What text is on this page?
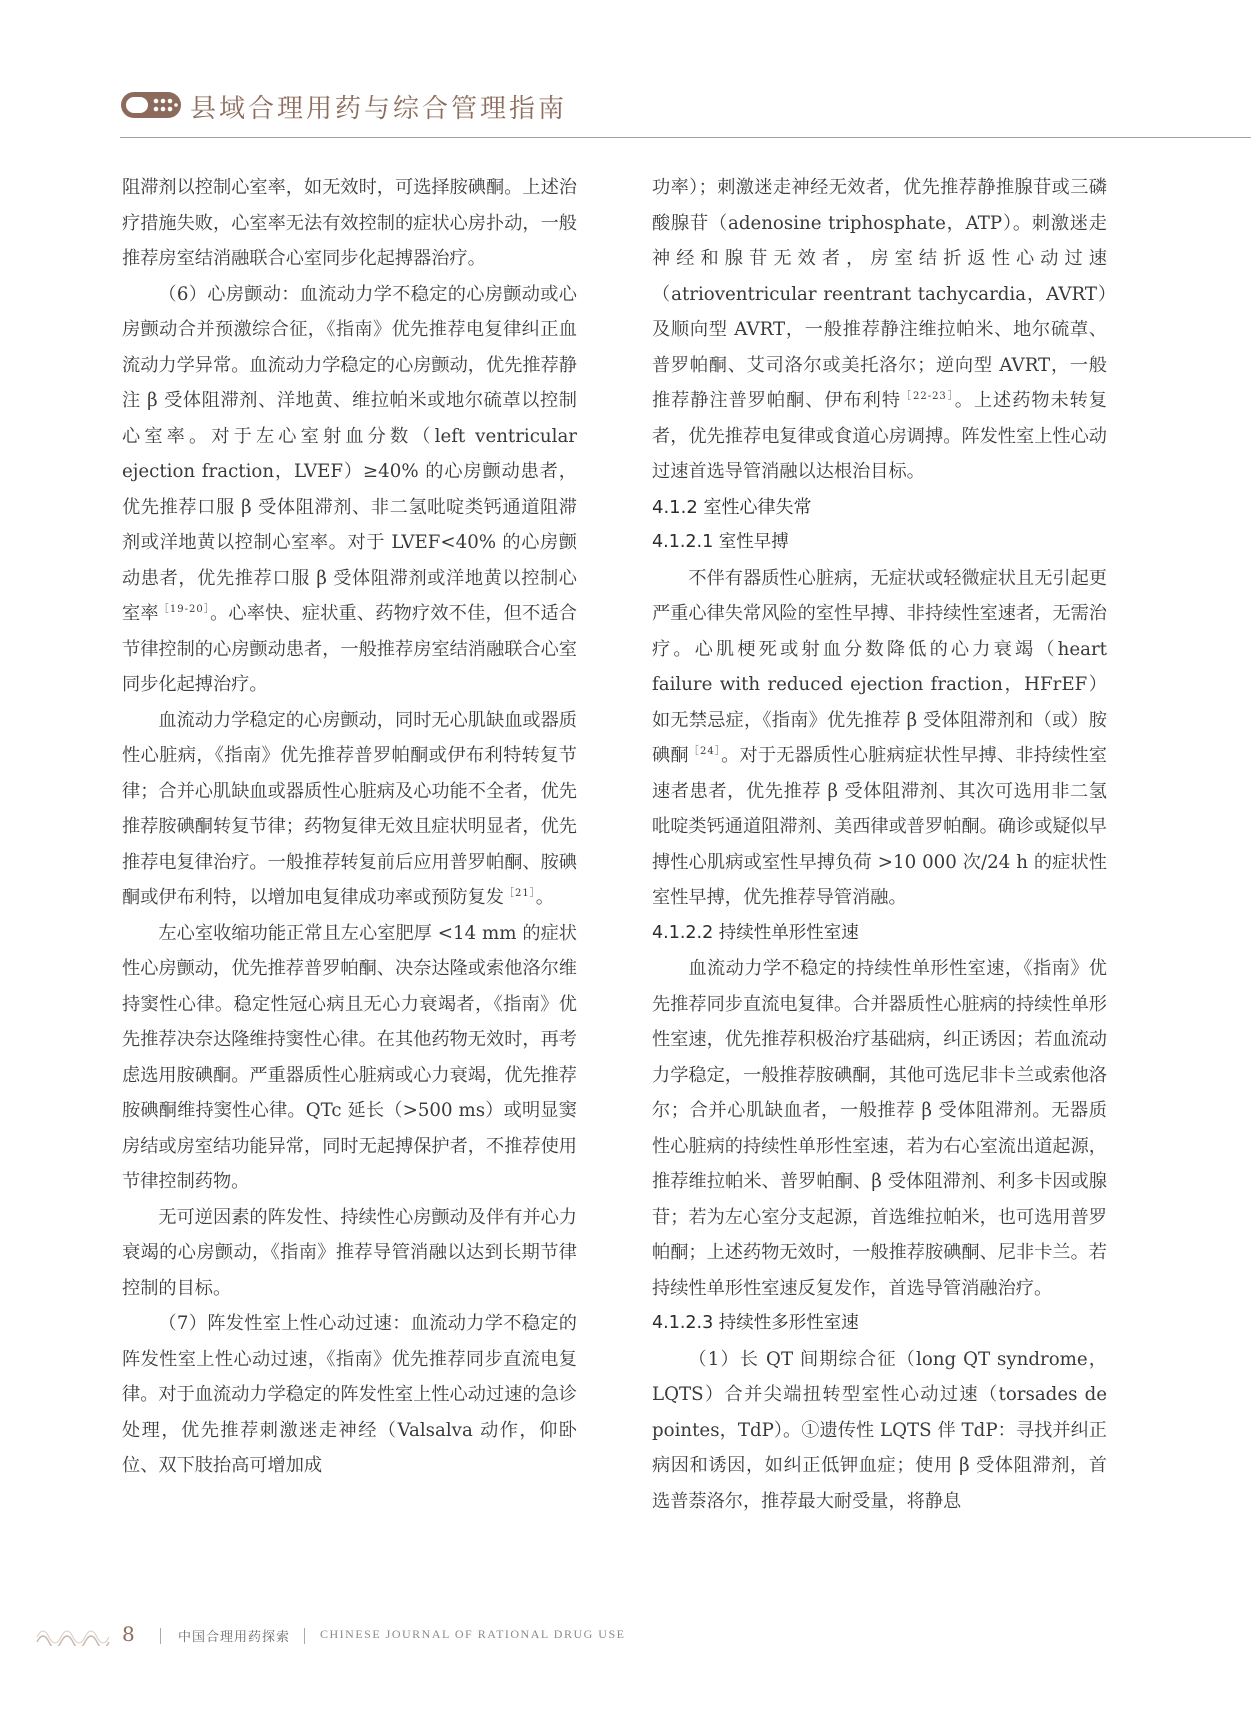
县域合理用药与综合管理指南

阻滞剂以控制心室率，如无效时，可选择胺碘酮。上述治疗措施失败，心室率无法有效控制的症状心房扑动，一般推荐房室结消融联合心室同步化起搏器治疗。

（6）心房颤动：血流动力学不稳定的心房颤动或心房颤动合并预激综合征，《指南》优先推荐电复律纠正血流动力学异常。血流动力学稳定的心房颤动，优先推荐静注 β 受体阻滞剂、洋地黄、维拉帕米或地尔硫䓬以控制心室率。对于左心室射血分数（left ventricular ejection fraction，LVEF）≥40% 的心房颤动患者，优先推荐口服 β 受体阻滞剂、非二氢吡啶类钙通道阻滞剂或洋地黄以控制心室率。对于 LVEF<40% 的心房颤动患者，优先推荐口服 β 受体阻滞剂或洋地黄以控制心室率$^{[19-20]}$。心率快、症状重、药物疗效不佳，但不适合节律控制的心房颤动患者，一般推荐房室结消融联合心室同步化起搏治疗。

血流动力学稳定的心房颤动，同时无心肌缺血或器质性心脏病，《指南》优先推荐普罗帕酮或伊布利特转复节律；合并心肌缺血或器质性心脏病及心功能不全者，优先推荐胺碘酮转复节律；药物复律无效且症状明显者，优先推荐电复律治疗。一般推荐转复前后应用普罗帕酮、胺碘酮或伊布利特，以增加电复律成功率或预防复发$^{[21]}$。

左心室收缩功能正常且左心室肥厚 <14 mm 的症状性心房颤动，优先推荐普罗帕酮、决奈达隆或索他洛尔维持窦性心律。稳定性冠心病且无心力衰竭者，《指南》优先推荐决奈达隆维持窦性心律。在其他药物无效时，再考虑选用胺碘酮。严重器质性心脏病或心力衰竭，优先推荐胺碘酮维持窦性心律。QTc 延长（>500 ms）或明显窦房结或房室结功能异常，同时无起搏保护者，不推荐使用节律控制药物。

无可逆因素的阵发性、持续性心房颤动及伴有并心力衰竭的心房颤动，《指南》推荐导管消融以达到长期节律控制的目标。

（7）阵发性室上性心动过速：血流动力学不稳定的阵发性室上性心动过速，《指南》优先推荐同步直流电复律。对于血流动力学稳定的阵发性室上性心动过速的急诊处理，优先推荐刺激迷走神经（Valsalva 动作，仰卧位、双下肢抬高可增加成

功率）；刺激迷走神经无效者，优先推荐静推腺苷或三磷酸腺苷（adenosine triphosphate，ATP）。刺激迷走神经和腺苷无效者，房室结折返性心动过速（atrioventricular reentrant tachycardia，AVRT）及顺向型 AVRT，一般推荐静注维拉帕米、地尔硫䓬、普罗帕酮、艾司洛尔或美托洛尔；逆向型 AVRT，一般推荐静注普罗帕酮、伊布利特$^{[22-23]}$。上述药物未转复者，优先推荐电复律或食道心房调搏。阵发性室上性心动过速首选导管消融以达根治目标。

4.1.2 室性心律失常
4.1.2.1 室性早搏

不伴有器质性心脏病，无症状或轻微症状且无引起更严重心律失常风险的室性早搏、非持续性室速者，无需治疗。心肌梗死或射血分数降低的心力衰竭（heart failure with reduced ejection fraction，HFrEF）如无禁忌症，《指南》优先推荐 β 受体阻滞剂和（或）胺碘酮$^{[24]}$。对于无器质性心脏病症状性早搏、非持续性室速者患者，优先推荐 β 受体阻滞剂、其次可选用非二氢吡啶类钙通道阻滞剂、美西律或普罗帕酮。确诊或疑似早搏性心肌病或室性早搏负荷 >10 000 次/24 h 的症状性室性早搏，优先推荐导管消融。

4.1.2.2 持续性单形性室速

血流动力学不稳定的持续性单形性室速，《指南》优先推荐同步直流电复律。合并器质性心脏病的持续性单形性室速，优先推荐积极治疗基础病，纠正诱因；若血流动力学稳定，一般推荐胺碘酮，其他可选尼非卡兰或索他洛尔；合并心肌缺血者，一般推荐 β 受体阻滞剂。无器质性心脏病的持续性单形性室速，若为右心室流出道起源，推荐维拉帕米、普罗帕酮、β 受体阻滞剂、利多卡因或腺苷；若为左心室分支起源，首选维拉帕米，也可选用普罗帕酮；上述药物无效时，一般推荐胺碘酮、尼非卡兰。若持续性单形性室速反复发作，首选导管消融治疗。

4.1.2.3 持续性多形性室速

（1）长 QT 间期综合征（long QT syndrome，LQTS）合并尖端扭转型室性心动过速（torsades de pointes，TdP）。①遗传性 LQTS 伴 TdP：寻找并纠正病因和诱因，如纠正低钾血症；使用 β 受体阻滞剂，首选普萘洛尔，推荐最大耐受量，将静息

8	中国合理用药探索 CHINESE JOURNAL OF RATIONAL DRUG USE
